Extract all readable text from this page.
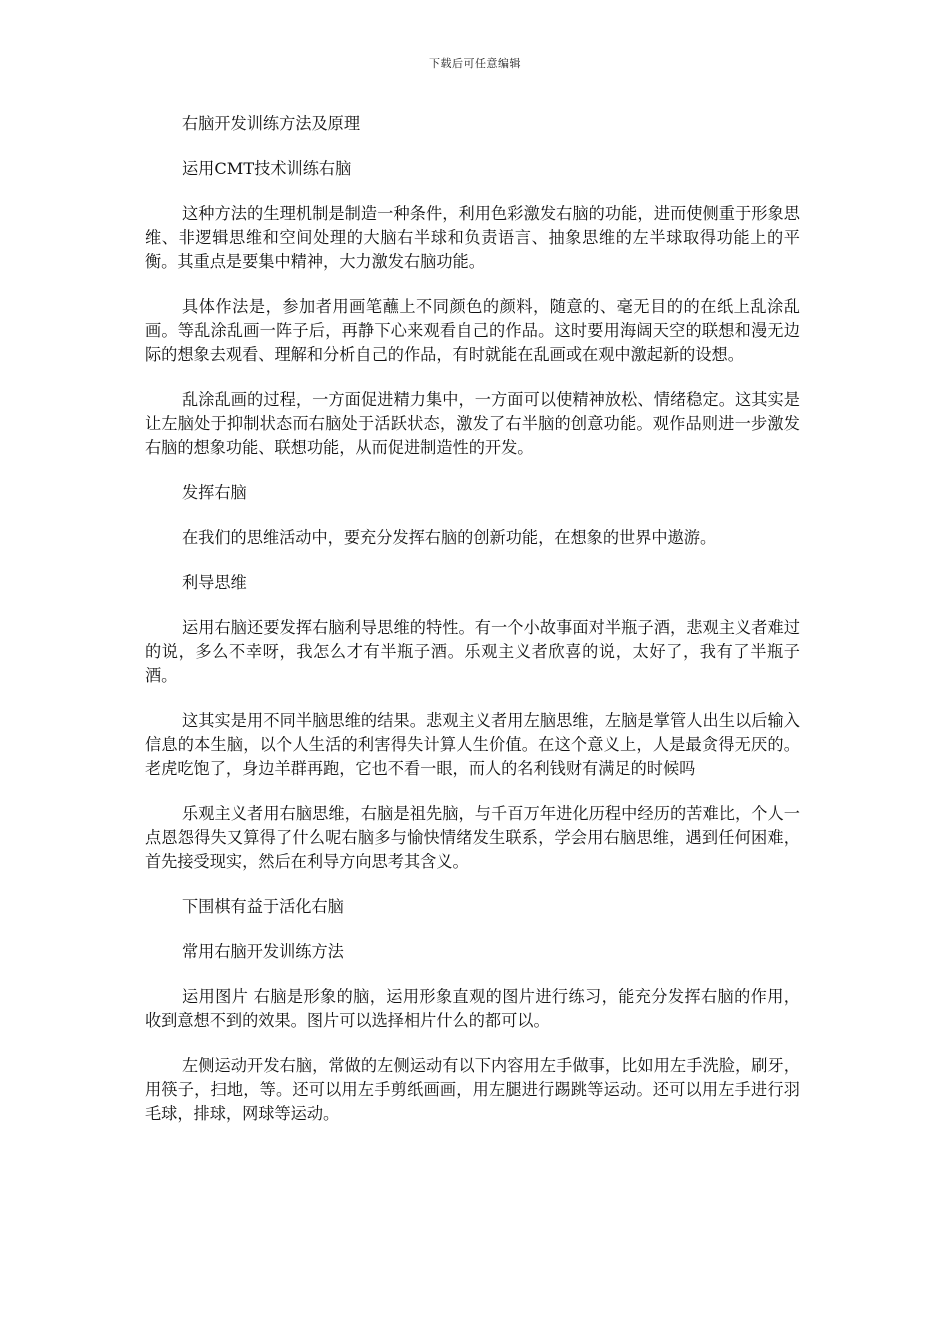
下载后可任意编辑

右脑开发训练方法及原理

运用CMT技术训练右脑

这种方法的生理机制是制造一种条件，利用色彩激发右脑的功能，进而使侧重于形象思维、非逻辑思维和空间处理的大脑右半球和负责语言、抽象思维的左半球取得功能上的平衡。其重点是要集中精神，大力激发右脑功能。

具体作法是，参加者用画笔蘸上不同颜色的颜料，随意的、毫无目的的在纸上乱涂乱画。等乱涂乱画一阵子后，再静下心来观看自己的作品。这时要用海阔天空的联想和漫无边际的想象去观看、理解和分析自己的作品，有时就能在乱画或在观中激起新的设想。

乱涂乱画的过程，一方面促进精力集中，一方面可以使精神放松、情绪稳定。这其实是让左脑处于抑制状态而右脑处于活跃状态，激发了右半脑的创意功能。观作品则进一步激发右脑的想象功能、联想功能，从而促进制造性的开发。

发挥右脑

在我们的思维活动中，要充分发挥右脑的创新功能，在想象的世界中遨游。

利导思维

运用右脑还要发挥右脑利导思维的特性。有一个小故事面对半瓶子酒，悲观主义者难过的说，多么不幸呀，我怎么才有半瓶子酒。乐观主义者欣喜的说，太好了，我有了半瓶子酒。

这其实是用不同半脑思维的结果。悲观主义者用左脑思维，左脑是掌管人出生以后输入信息的本生脑，以个人生活的利害得失计算人生价值。在这个意义上，人是最贪得无厌的。老虎吃饱了，身边羊群再跑，它也不看一眼，而人的名利钱财有满足的时候吗

乐观主义者用右脑思维，右脑是祖先脑，与千百万年进化历程中经历的苦难比，个人一点恩怨得失又算得了什么呢右脑多与愉快情绪发生联系，学会用右脑思维，遇到任何困难，首先接受现实，然后在利导方向思考其含义。

下围棋有益于活化右脑

常用右脑开发训练方法

运用图片 右脑是形象的脑，运用形象直观的图片进行练习，能充分发挥右脑的作用，收到意想不到的效果。图片可以选择相片什么的都可以。

左侧运动开发右脑，常做的左侧运动有以下内容用左手做事，比如用左手洗脸，刷牙，用筷子，扫地，等。还可以用左手剪纸画画，用左腿进行踢跳等运动。还可以用左手进行羽毛球，排球，网球等运动。
